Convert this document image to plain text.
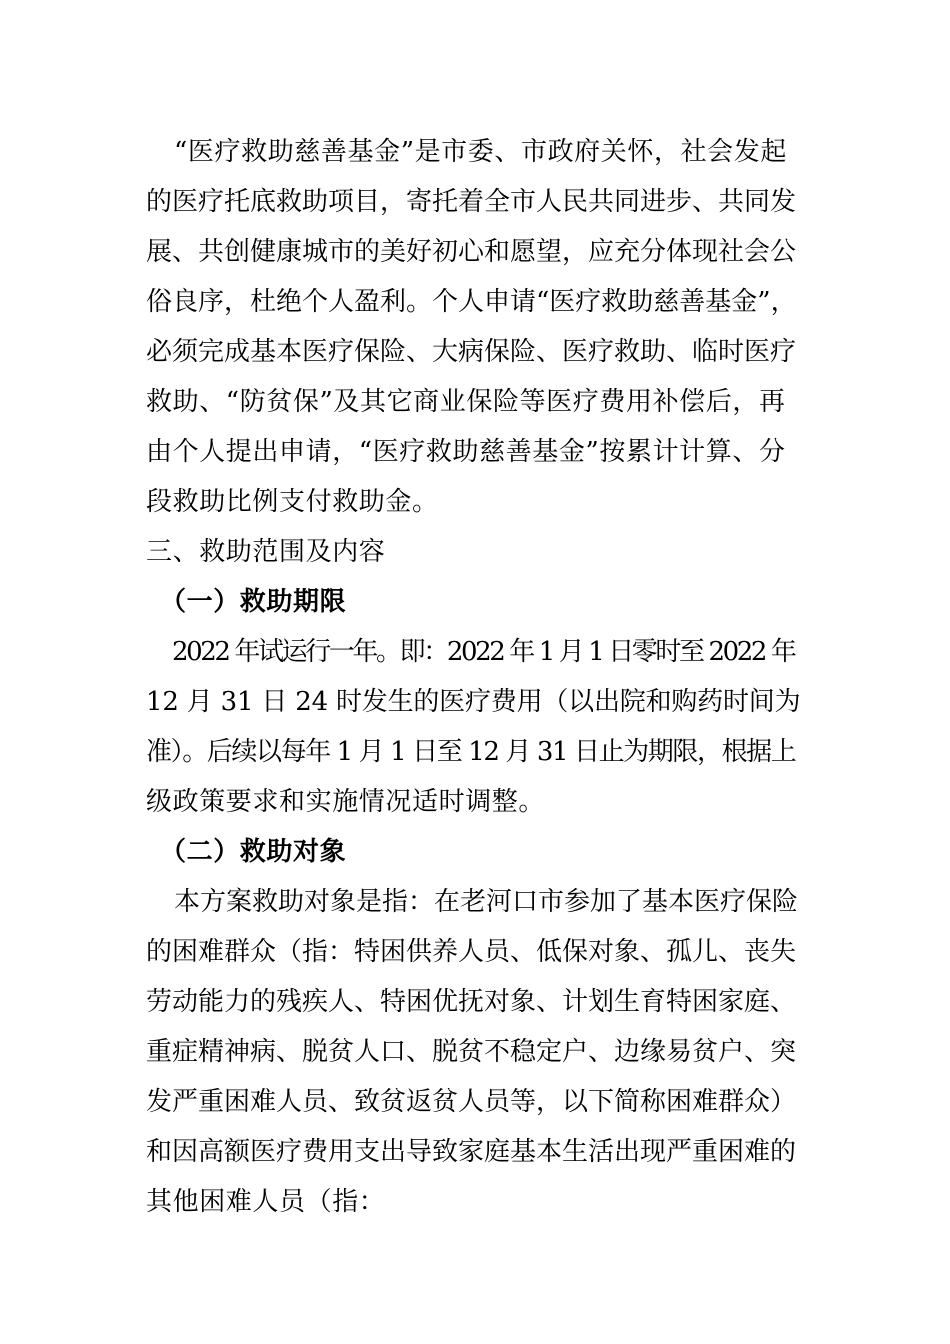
“医疗救助慈善基金”是市委、市政府关怀，社会发起
的医疗托底救助项目，寄托着全市人民共同进步、共同发
展、共创健康城市的美好初心和愿望，应充分体现社会公
俗良序，杜绝个人盈利。个人申请“医疗救助慈善基金”，
必须完成基本医疗保险、大病保险、医疗救助、临时医疗
救助、“防贫保”及其它商业保险等医疗费用补偿后，再
由个人提出申请，“医疗救助慈善基金”按累计计算、分
段救助比例支付救助金。
三、救助范围及内容
（一）救助期限
2022 年试运行一年。即：2022 年 1 月 1 日零时至 2022 年
12 月 31 日 24 时发生的医疗费用（以出院和购药时间为
准）。后续以每年 1 月 1 日至 12 月 31 日止为期限，根据上
级政策要求和实施情况适时调整。
（二）救助对象
本方案救助对象是指：在老河口市参加了基本医疗保险
的困难群众（指：特困供养人员、低保对象、孤儿、丧失
劳动能力的残疾人、特困优抚对象、计划生育特困家庭、
重症精神病、脱贫人口、脱贫不稳定户、边缘易贫户、突
发严重困难人员、致贫返贫人员等，以下简称困难群众）
和因高额医疗费用支出导致家庭基本生活出现严重困难的
其他困难人员（指：
